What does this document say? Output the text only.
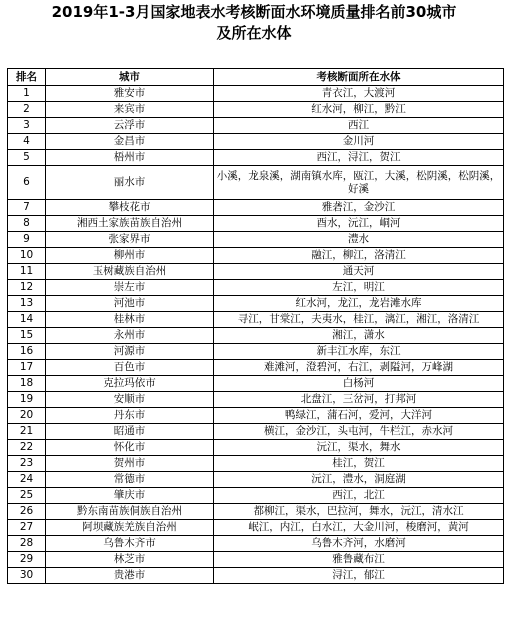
2019年1-3月国家地表水考核断面水环境质量排名前30城市
及所在水体
排名	城市	考核断面所在水体
1	雅安市	青衣江，大渡河
2	来宾市	红水河，柳江，黔江
3	云浮市	西江
4	金昌市	金川河
5	梧州市	西江，浔江，贺江
6	丽水市	小溪，龙泉溪，湖南镇水库，瓯江，大溪，松阴溪，松阴溪，好溪
7	攀枝花市	雅砻江，金沙江
8	湘西土家族苗族自治州	酉水，沅江，峒河
9	张家界市	澧水
10	柳州市	融江，柳江，洛清江
11	玉树藏族自治州	通天河
12	崇左市	左江，明江
13	河池市	红水河，龙江，龙岩滩水库
14	桂林市	寻江，甘棠江，夫夷水，桂江，漓江，湘江，洛清江
15	永州市	湘江，潇水
16	河源市	新丰江水库，东江
17	百色市	难滩河，澄碧河，右江，剥隘河，万峰湖
18	克拉玛依市	白杨河
19	安顺市	北盘江，三岔河，打邦河
20	丹东市	鸭绿江，蒲石河，爱河，大洋河
21	昭通市	横江，金沙江，头屯河，牛栏江，赤水河
22	怀化市	沅江，渠水，舞水
23	贺州市	桂江，贺江
24	常德市	沅江，澧水，洞庭湖
25	肇庆市	西江，北江
26	黔东南苗族侗族自治州	都柳江，渠水，巴拉河，舞水，沅江，清水江
27	阿坝藏族羌族自治州	岷江，内江，白水江，大金川河，梭磨河，黄河
28	乌鲁木齐市	乌鲁木齐河，水磨河
29	林芝市	雅鲁藏布江
30	贵港市	浔江，郁江
